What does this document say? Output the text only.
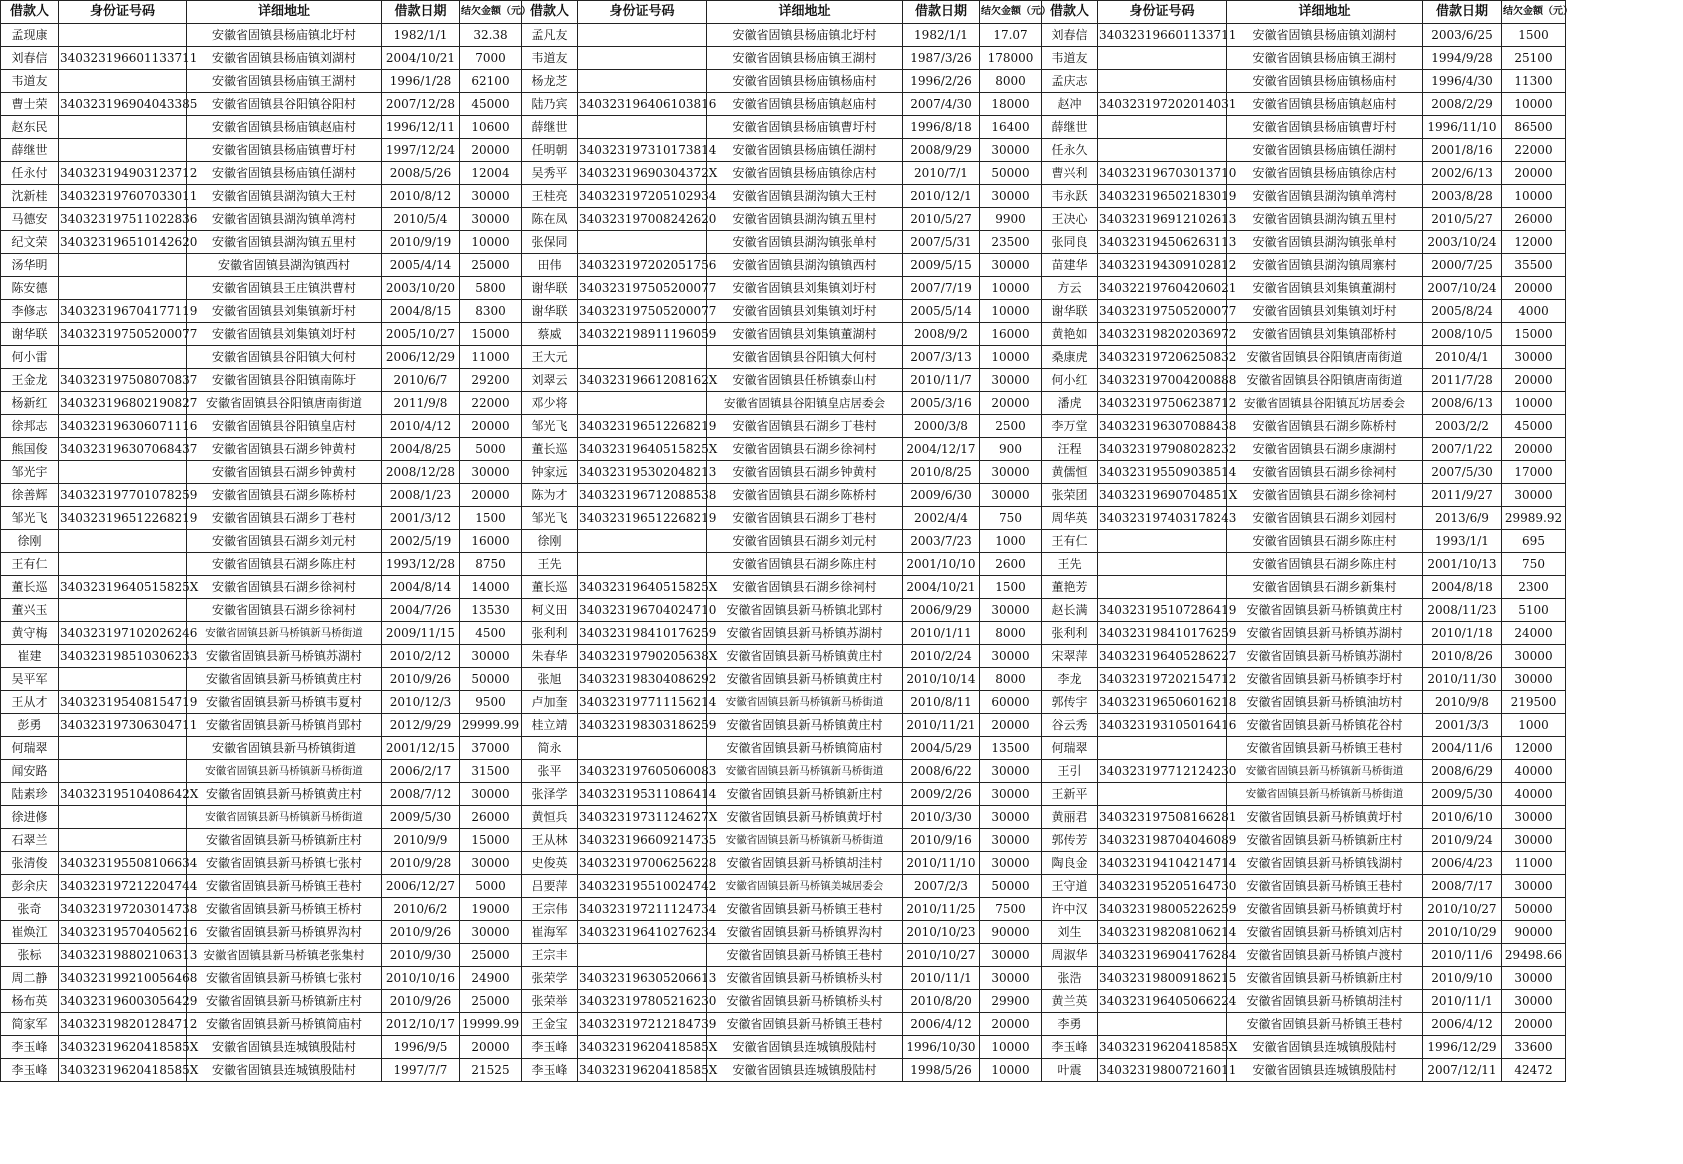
借款人	身份证号码	详细地址	借款日期	结欠金额（元）	借款人	身份证号码	详细地址	借款日期	结欠金额（元）	借款人	身份证号码	详细地址	借款日期	结欠金额（元）
孟现康		安徽省固镇县杨庙镇北圩村	1982/1/1	32.38	孟凡友		安徽省固镇县杨庙镇北圩村	1982/1/1	17.07	刘春信	340323196601133711	安徽省固镇县杨庙镇刘湖村	2003/6/25	1500
刘春信	340323196601133711	安徽省固镇县杨庙镇刘湖村	2004/10/21	7000	韦道友		安徽省固镇县杨庙镇王湖村	1987/3/26	178000	韦道友		安徽省固镇县杨庙镇王湖村	1994/9/28	25100
韦道友		安徽省固镇县杨庙镇王湖村	1996/1/28	62100	杨龙芝		安徽省固镇县杨庙镇杨庙村	1996/2/26	8000	孟庆志		安徽省固镇县杨庙镇杨庙村	1996/4/30	11300
曹士荣	340323196904043385	安徽省固镇县谷阳镇谷阳村	2007/12/28	45000	陆乃宾	340323196406103816	安徽省固镇县杨庙镇赵庙村	2007/4/30	18000	赵冲	340323197202014031	安徽省固镇县杨庙镇赵庙村	2008/2/29	10000
赵东民		安徽省固镇县杨庙镇赵庙村	1996/12/11	10600	薛继世		安徽省固镇县杨庙镇曹圩村	1996/8/18	16400	薛继世		安徽省固镇县杨庙镇曹圩村	1996/11/10	86500
薛继世		安徽省固镇县杨庙镇曹圩村	1997/12/24	20000	任明朝	340323197310173814	安徽省固镇县杨庙镇任湖村	2008/9/29	30000	任永久		安徽省固镇县杨庙镇任湖村	2001/8/16	22000
任永付	340323194903123712	安徽省固镇县杨庙镇任湖村	2008/5/26	12004	吴秀平	34032319690304372X	安徽省固镇县杨庙镇徐店村	2010/7/1	50000	曹兴利	340323196703013710	安徽省固镇县杨庙镇徐店村	2002/6/13	20000
沈新桂	340323197607033011	安徽省固镇县湖沟镇大王村	2010/8/12	30000	王桂亮	340323197205102934	安徽省固镇县湖沟镇大王村	2010/12/1	30000	韦永跃	340323196502183019	安徽省固镇县湖沟镇单湾村	2003/8/28	10000
马德安	340323197511022836	安徽省固镇县湖沟镇单湾村	2010/5/4	30000	陈在凤	340323197008242620	安徽省固镇县湖沟镇五里村	2010/5/27	9900	王决心	340323196912102613	安徽省固镇县湖沟镇五里村	2010/5/27	26000
纪文荣	340323196510142620	安徽省固镇县湖沟镇五里村	2010/9/19	10000	张保同		安徽省固镇县湖沟镇张单村	2007/5/31	23500	张同良	340323194506263113	安徽省固镇县湖沟镇张单村	2003/10/24	12000
汤华明		安徽省固镇县湖沟镇西村	2005/4/14	25000	田伟	340323197202051756	安徽省固镇县湖沟镇镇西村	2009/5/15	30000	苗建华	340323194309102812	安徽省固镇县湖沟镇周寨村	2000/7/25	35500
陈安德		安徽省固镇县王庄镇洪曹村	2003/10/20	5800	谢华联	340323197505200077	安徽省固镇县刘集镇刘圩村	2007/7/19	10000	方云	340322197604206021	安徽省固镇县刘集镇董湖村	2007/10/24	20000
李修志	340323196704177119	安徽省固镇县刘集镇新圩村	2004/8/15	8300	谢华联	340323197505200077	安徽省固镇县刘集镇刘圩村	2005/5/14	10000	谢华联	340323197505200077	安徽省固镇县刘集镇刘圩村	2005/8/24	4000
谢华联	340323197505200077	安徽省固镇县刘集镇刘圩村	2005/10/27	15000	蔡威	340322198911196059	安徽省固镇县刘集镇董湖村	2008/9/2	16000	黄艳如	340323198202036972	安徽省固镇县刘集镇邵桥村	2008/10/5	15000
何小雷		安徽省固镇县谷阳镇大何村	2006/12/29	11000	王大元		安徽省固镇县谷阳镇大何村	2007/3/13	10000	桑康虎	340323197206250832	安徽省固镇县谷阳镇唐南街道	2010/4/1	30000
王金龙	340323197508070837	安徽省固镇县谷阳镇南陈圩	2010/6/7	29200	刘翠云	34032319661208162X	安徽省固镇县任桥镇泰山村	2010/11/7	30000	何小红	340323197004200888	安徽省固镇县谷阳镇唐南街道	2011/7/28	20000
杨新红	340323196802190827	安徽省固镇县谷阳镇唐南街道	2011/9/8	22000	邓少将		安徽省固镇县谷阳镇皇店居委会	2005/3/16	20000	潘虎	340323197506238712	安徽省固镇县谷阳镇瓦坊居委会	2008/6/13	10000
徐邦志	340323196306071116	安徽省固镇县谷阳镇皇店村	2010/4/12	20000	邹光飞	340323196512268219	安徽省固镇县石湖乡丁巷村	2000/3/8	2500	李万堂	340323196307088438	安徽省固镇县石湖乡陈桥村	2003/2/2	45000
熊国俊	340323196307068437	安徽省固镇县石湖乡钟黄村	2004/8/25	5000	董长巡	34032319640515825X	安徽省固镇县石湖乡徐祠村	2004/12/17	900	汪程	340323197908028232	安徽省固镇县石湖乡康湖村	2007/1/22	20000
邹光宇		安徽省固镇县石湖乡钟黄村	2008/12/28	30000	钟家远	340323195302048213	安徽省固镇县石湖乡钟黄村	2010/8/25	30000	黄儒恒	340323195509038514	安徽省固镇县石湖乡徐祠村	2007/5/30	17000
徐善辉	340323197701078259	安徽省固镇县石湖乡陈桥村	2008/1/23	20000	陈为才	340323196712088538	安徽省固镇县石湖乡陈桥村	2009/6/30	30000	张荣团	34032319690704851X	安徽省固镇县石湖乡徐祠村	2011/9/27	30000
邹光飞	340323196512268219	安徽省固镇县石湖乡丁巷村	2001/3/12	1500	邹光飞	340323196512268219	安徽省固镇县石湖乡丁巷村	2002/4/4	750	周华英	340323197403178243	安徽省固镇县石湖乡刘园村	2013/6/9	29989.92
徐刚		安徽省固镇县石湖乡刘元村	2002/5/19	16000	徐刚		安徽省固镇县石湖乡刘元村	2003/7/23	1000	王有仁		安徽省固镇县石湖乡陈庄村	1993/1/1	695
王有仁		安徽省固镇县石湖乡陈庄村	1993/12/28	8750	王先		安徽省固镇县石湖乡陈庄村	2001/10/10	2600	王先		安徽省固镇县石湖乡陈庄村	2001/10/13	750
董长巡	34032319640515825X	安徽省固镇县石湖乡徐祠村	2004/8/14	14000	董长巡	34032319640515825X	安徽省固镇县石湖乡徐祠村	2004/10/21	1500	董艳芳		安徽省固镇县石湖乡新集村	2004/8/18	2300
董兴玉		安徽省固镇县石湖乡徐祠村	2004/7/26	13530	柯义田	340323196704024710	安徽省固镇县新马桥镇北郢村	2006/9/29	30000	赵长满	340323195107286419	安徽省固镇县新马桥镇黄庄村	2008/11/23	5100
黄守梅	340323197102026246	安徽省固镇县新马桥镇新马桥街道	2009/11/15	4500	张利利	340323198410176259	安徽省固镇县新马桥镇苏湖村	2010/1/11	8000	张利利	340323198410176259	安徽省固镇县新马桥镇苏湖村	2010/1/18	24000
崔建	340323198510306233	安徽省固镇县新马桥镇苏湖村	2010/2/12	30000	朱春华	34032319790205638X	安徽省固镇县新马桥镇黄庄村	2010/2/24	30000	宋翠萍	340323196405286227	安徽省固镇县新马桥镇苏湖村	2010/8/26	30000
吴平军		安徽省固镇县新马桥镇黄庄村	2010/9/26	50000	张旭	340323198304086292	安徽省固镇县新马桥镇黄庄村	2010/10/14	8000	李龙	340323197202154712	安徽省固镇县新马桥镇李圩村	2010/11/30	30000
王从才	340323195408154719	安徽省固镇县新马桥镇韦夏村	2010/12/3	9500	卢加奎	340323197711156214	安徽省固镇县新马桥镇新马桥街道	2010/8/11	60000	郭传宇	340323196506016218	安徽省固镇县新马桥镇油坊村	2010/9/8	219500
彭勇	340323197306304711	安徽省固镇县新马桥镇肖郢村	2012/9/29	29999.99	桂立靖	340323198303186259	安徽省固镇县新马桥镇黄庄村	2010/11/21	20000	谷云秀	340323193105016416	安徽省固镇县新马桥镇花谷村	2001/3/3	1000
何瑞翠		安徽省固镇县新马桥镇街道	2001/12/15	37000	简永		安徽省固镇县新马桥镇简庙村	2004/5/29	13500	何瑞翠		安徽省固镇县新马桥镇王巷村	2004/11/6	12000
闻安路		安徽省固镇县新马桥镇新马桥街道	2006/2/17	31500	张平	340323197605060083	安徽省固镇县新马桥镇新马桥街道	2008/6/22	30000	王引	340323197712124230	安徽省固镇县新马桥镇新马桥街道	2008/6/29	40000
陆素珍	34032319510408642X	安徽省固镇县新马桥镇黄庄村	2008/7/12	30000	张泽学	340323195311086414	安徽省固镇县新马桥镇新庄村	2009/2/26	30000	王新平		安徽省固镇县新马桥镇新马桥街道	2009/5/30	40000
徐进修		安徽省固镇县新马桥镇新马桥街道	2009/5/30	26000	黄恒兵	34032319731124627X	安徽省固镇县新马桥镇黄圩村	2010/3/30	30000	黄丽君	340323197508166281	安徽省固镇县新马桥镇黄圩村	2010/6/10	30000
石翠兰		安徽省固镇县新马桥镇新庄村	2010/9/9	15000	王从林	340323196609214735	安徽省固镇县新马桥镇新马桥街道	2010/9/16	30000	郭传芳	340323198704046089	安徽省固镇县新马桥镇新庄村	2010/9/24	30000
张清俊	340323195508106634	安徽省固镇县新马桥镇七张村	2010/9/28	30000	史俊英	340323197006256228	安徽省固镇县新马桥镇胡洼村	2010/11/10	30000	陶良金	340323194104214714	安徽省固镇县新马桥镇钱湖村	2006/4/23	11000
彭余庆	340323197212204744	安徽省固镇县新马桥镇王巷村	2006/12/27	5000	吕要萍	340323195510024742	安徽省固镇县新马桥镇美城居委会	2007/2/3	50000	王守道	340323195205164730	安徽省固镇县新马桥镇王巷村	2008/7/17	30000
张奇	340323197203014738	安徽省固镇县新马桥镇王桥村	2010/6/2	19000	王宗伟	340323197211124734	安徽省固镇县新马桥镇王巷村	2010/11/25	7500	许中汉	340323198005226259	安徽省固镇县新马桥镇黄圩村	2010/10/27	50000
崔焕江	340323195704056216	安徽省固镇县新马桥镇界沟村	2010/9/26	30000	崔海军	340323196410276234	安徽省固镇县新马桥镇界沟村	2010/10/23	90000	刘生	340323198208106214	安徽省固镇县新马桥镇刘店村	2010/10/29	90000
张标	340323198802106313	安徽省固镇县新马桥镇老张集村	2010/9/30	25000	王宗丰		安徽省固镇县新马桥镇王巷村	2010/10/27	30000	周淑华	340323196904176284	安徽省固镇县新马桥镇卢渡村	2010/11/6	29498.66
周二静	340323199210056468	安徽省固镇县新马桥镇七张村	2010/10/16	24900	张荣学	340323196305206613	安徽省固镇县新马桥镇桥头村	2010/11/1	30000	张浩	340323198009186215	安徽省固镇县新马桥镇新庄村	2010/9/10	30000
杨布英	340323196003056429	安徽省固镇县新马桥镇新庄村	2010/9/26	25000	张荣举	340323197805216230	安徽省固镇县新马桥镇桥头村	2010/8/20	29900	黄兰英	340323196405066224	安徽省固镇县新马桥镇胡洼村	2010/11/1	30000
简家军	340323198201284712	安徽省固镇县新马桥镇简庙村	2012/10/17	19999.99	王金宝	340323197212184739	安徽省固镇县新马桥镇王巷村	2006/4/12	20000	李勇		安徽省固镇县新马桥镇王巷村	2006/4/12	20000
李玉峰	34032319620418585X	安徽省固镇县连城镇殷陆村	1996/9/5	20000	李玉峰	34032319620418585X	安徽省固镇县连城镇殷陆村	1996/10/30	10000	李玉峰	34032319620418585X	安徽省固镇县连城镇殷陆村	1996/12/29	33600
李玉峰	34032319620418585X	安徽省固镇县连城镇殷陆村	1997/7/7	21525	李玉峰	34032319620418585X	安徽省固镇县连城镇殷陆村	1998/5/26	10000	叶震	340323198007216011	安徽省固镇县连城镇殷陆村	2007/12/11	42472
